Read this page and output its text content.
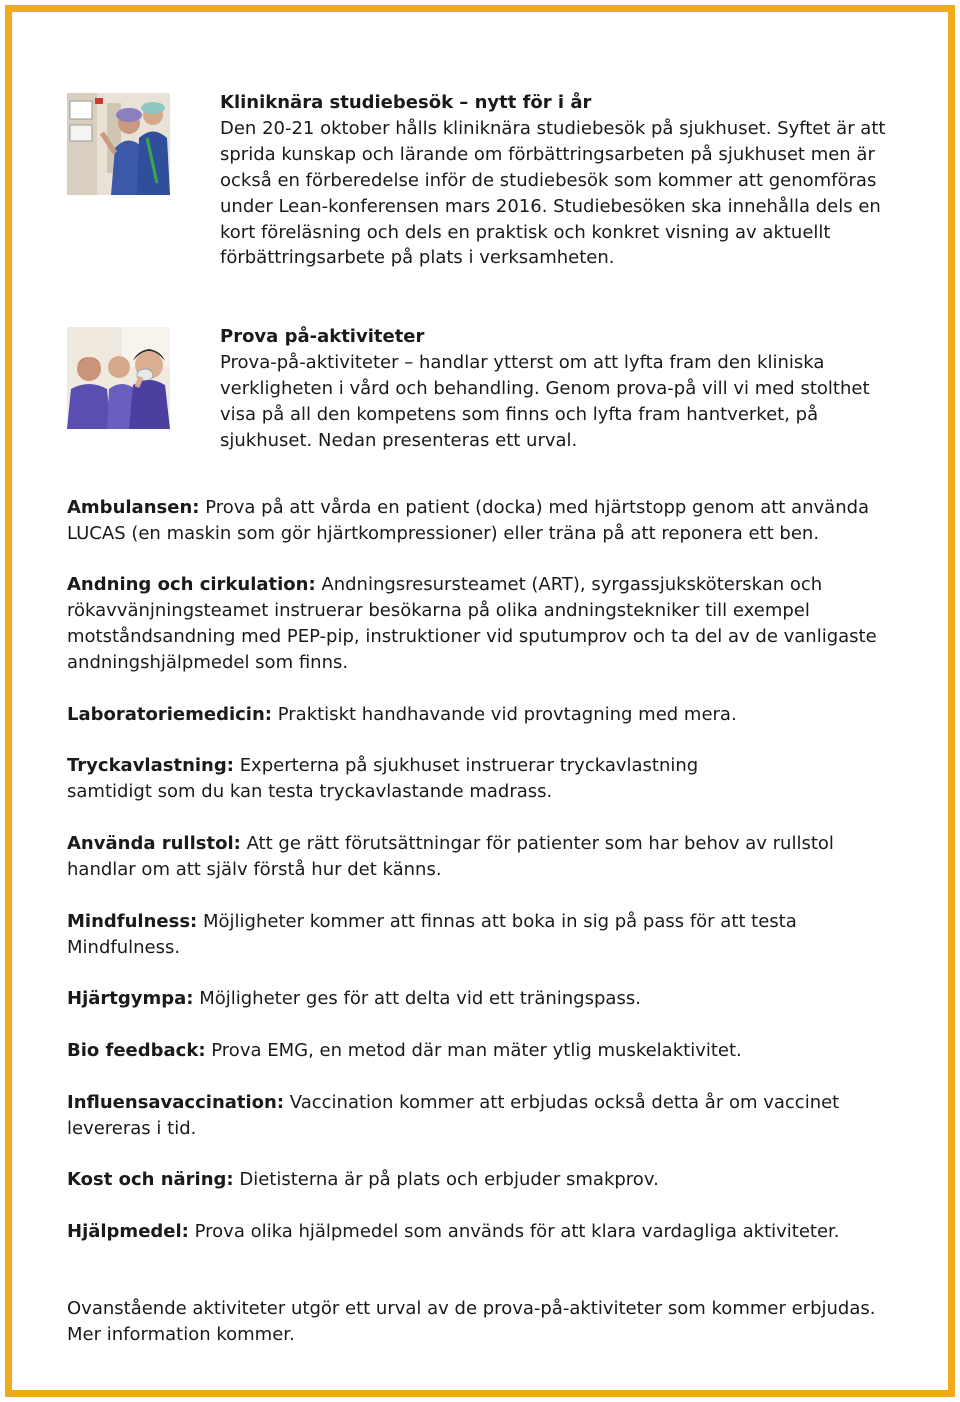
Kliniknära studiebesök – nytt för i år
Den 20-21 oktober hålls kliniknära studiebesök på sjukhuset. Syftet är att sprida kunskap och lärande om förbättringsarbeten på sjukhuset men är också en förberedelse inför de studiebesök som kommer att genomföras under Lean-konferensen mars 2016. Studiebesöken ska innehålla dels en kort föreläsning och dels en praktisk och konkret visning av aktuellt förbättringsarbete på plats i verksamheten.
Prova på-aktiviteter
Prova-på-aktiviteter – handlar ytterst om att lyfta fram den kliniska verkligheten i vård och behandling. Genom prova-på vill vi med stolthet visa på all den kompetens som finns och lyfta fram hantverket, på sjukhuset. Nedan presenteras ett urval.
Ambulansen: Prova på att vårda en patient (docka) med hjärtstopp genom att använda LUCAS (en maskin som gör hjärtkompressioner) eller träna på att reponera ett ben.
Andning och cirkulation: Andningsresursteamet (ART), syrgassjuksköterskan och rökavvänjningsteamet instruerar besökarna på olika andningstekniker till exempel motståndsandning med PEP-pip, instruktioner vid sputumprov och ta del av de vanligaste andningshjälpmedel som finns.
Laboratoriemedicin: Praktiskt handhavande vid provtagning med mera.
Tryckavlastning: Experterna på sjukhuset instruerar tryckavlastning samtidigt som du kan testa tryckavlastande madrass.
Använda rullstol: Att ge rätt förutsättningar för patienter som har behov av rullstol handlar om att själv förstå hur det känns.
Mindfulness: Möjligheter kommer att finnas att boka in sig på pass för att testa Mindfulness.
Hjärtgympa: Möjligheter ges för att delta vid ett träningspass.
Bio feedback: Prova EMG, en metod där man mäter ytlig muskelaktivitet.
Influensavaccination: Vaccination kommer att erbjudas också detta år om vaccinet levereras i tid.
Kost och näring: Dietisterna är på plats och erbjuder smakprov.
Hjälpmedel: Prova olika hjälpmedel som används för att klara vardagliga aktiviteter.
Ovanstående aktiviteter utgör ett urval av de prova-på-aktiviteter som kommer erbjudas. Mer information kommer.
